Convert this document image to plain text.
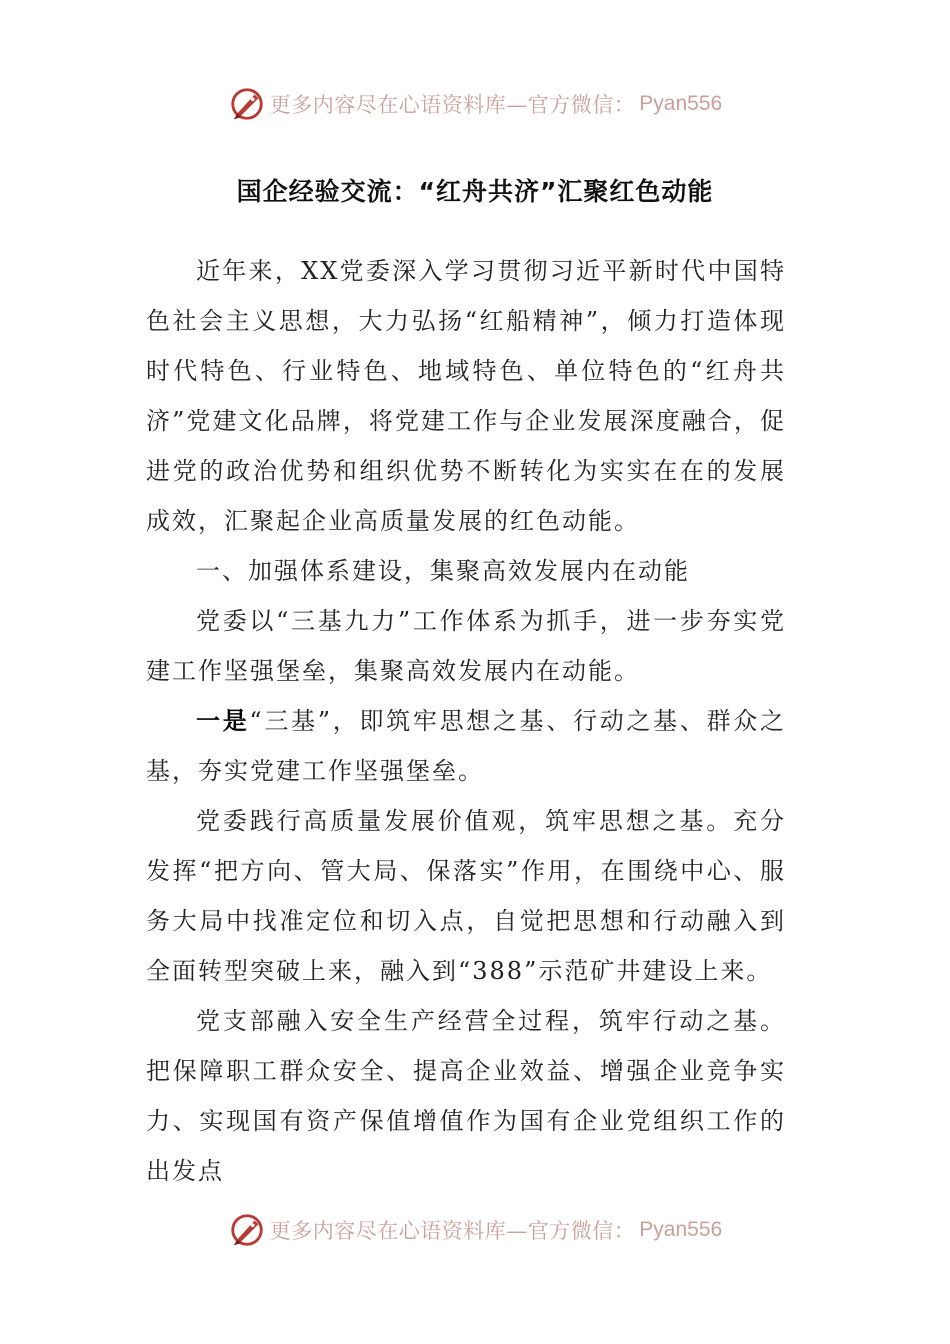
更多内容尽在心语资料库—官方微信： Pyan556
国企经验交流：“红舟共济”汇聚红色动能

近年来，XX党委深入学习贯彻习近平新时代中国特色社会主义思想，大力弘扬“红船精神”，倾力打造体现时代特色、行业特色、地域特色、单位特色的“红舟共济”党建文化品牌，将党建工作与企业发展深度融合，促进党的政治优势和组织优势不断转化为实实在在的发展成效，汇聚起企业高质量发展的红色动能。

一、加强体系建设，集聚高效发展内在动能

党委以“三基九力”工作体系为抓手，进一步夯实党建工作坚强堡垒，集聚高效发展内在动能。

一是“三基”，即筑牢思想之基、行动之基、群众之基，夯实党建工作坚强堡垒。

党委践行高质量发展价值观，筑牢思想之基。充分发挥“把方向、管大局、保落实”作用，在围绕中心、服务大局中找准定位和切入点，自觉把思想和行动融入到全面转型突破上来，融入到“388”示范矿井建设上来。

党支部融入安全生产经营全过程，筑牢行动之基。把保障职工群众安全、提高企业效益、增强企业竞争实力、实现国有资产保值增值作为国有企业党组织工作的出发点

更多内容尽在心语资料库—官方微信： Pyan556
